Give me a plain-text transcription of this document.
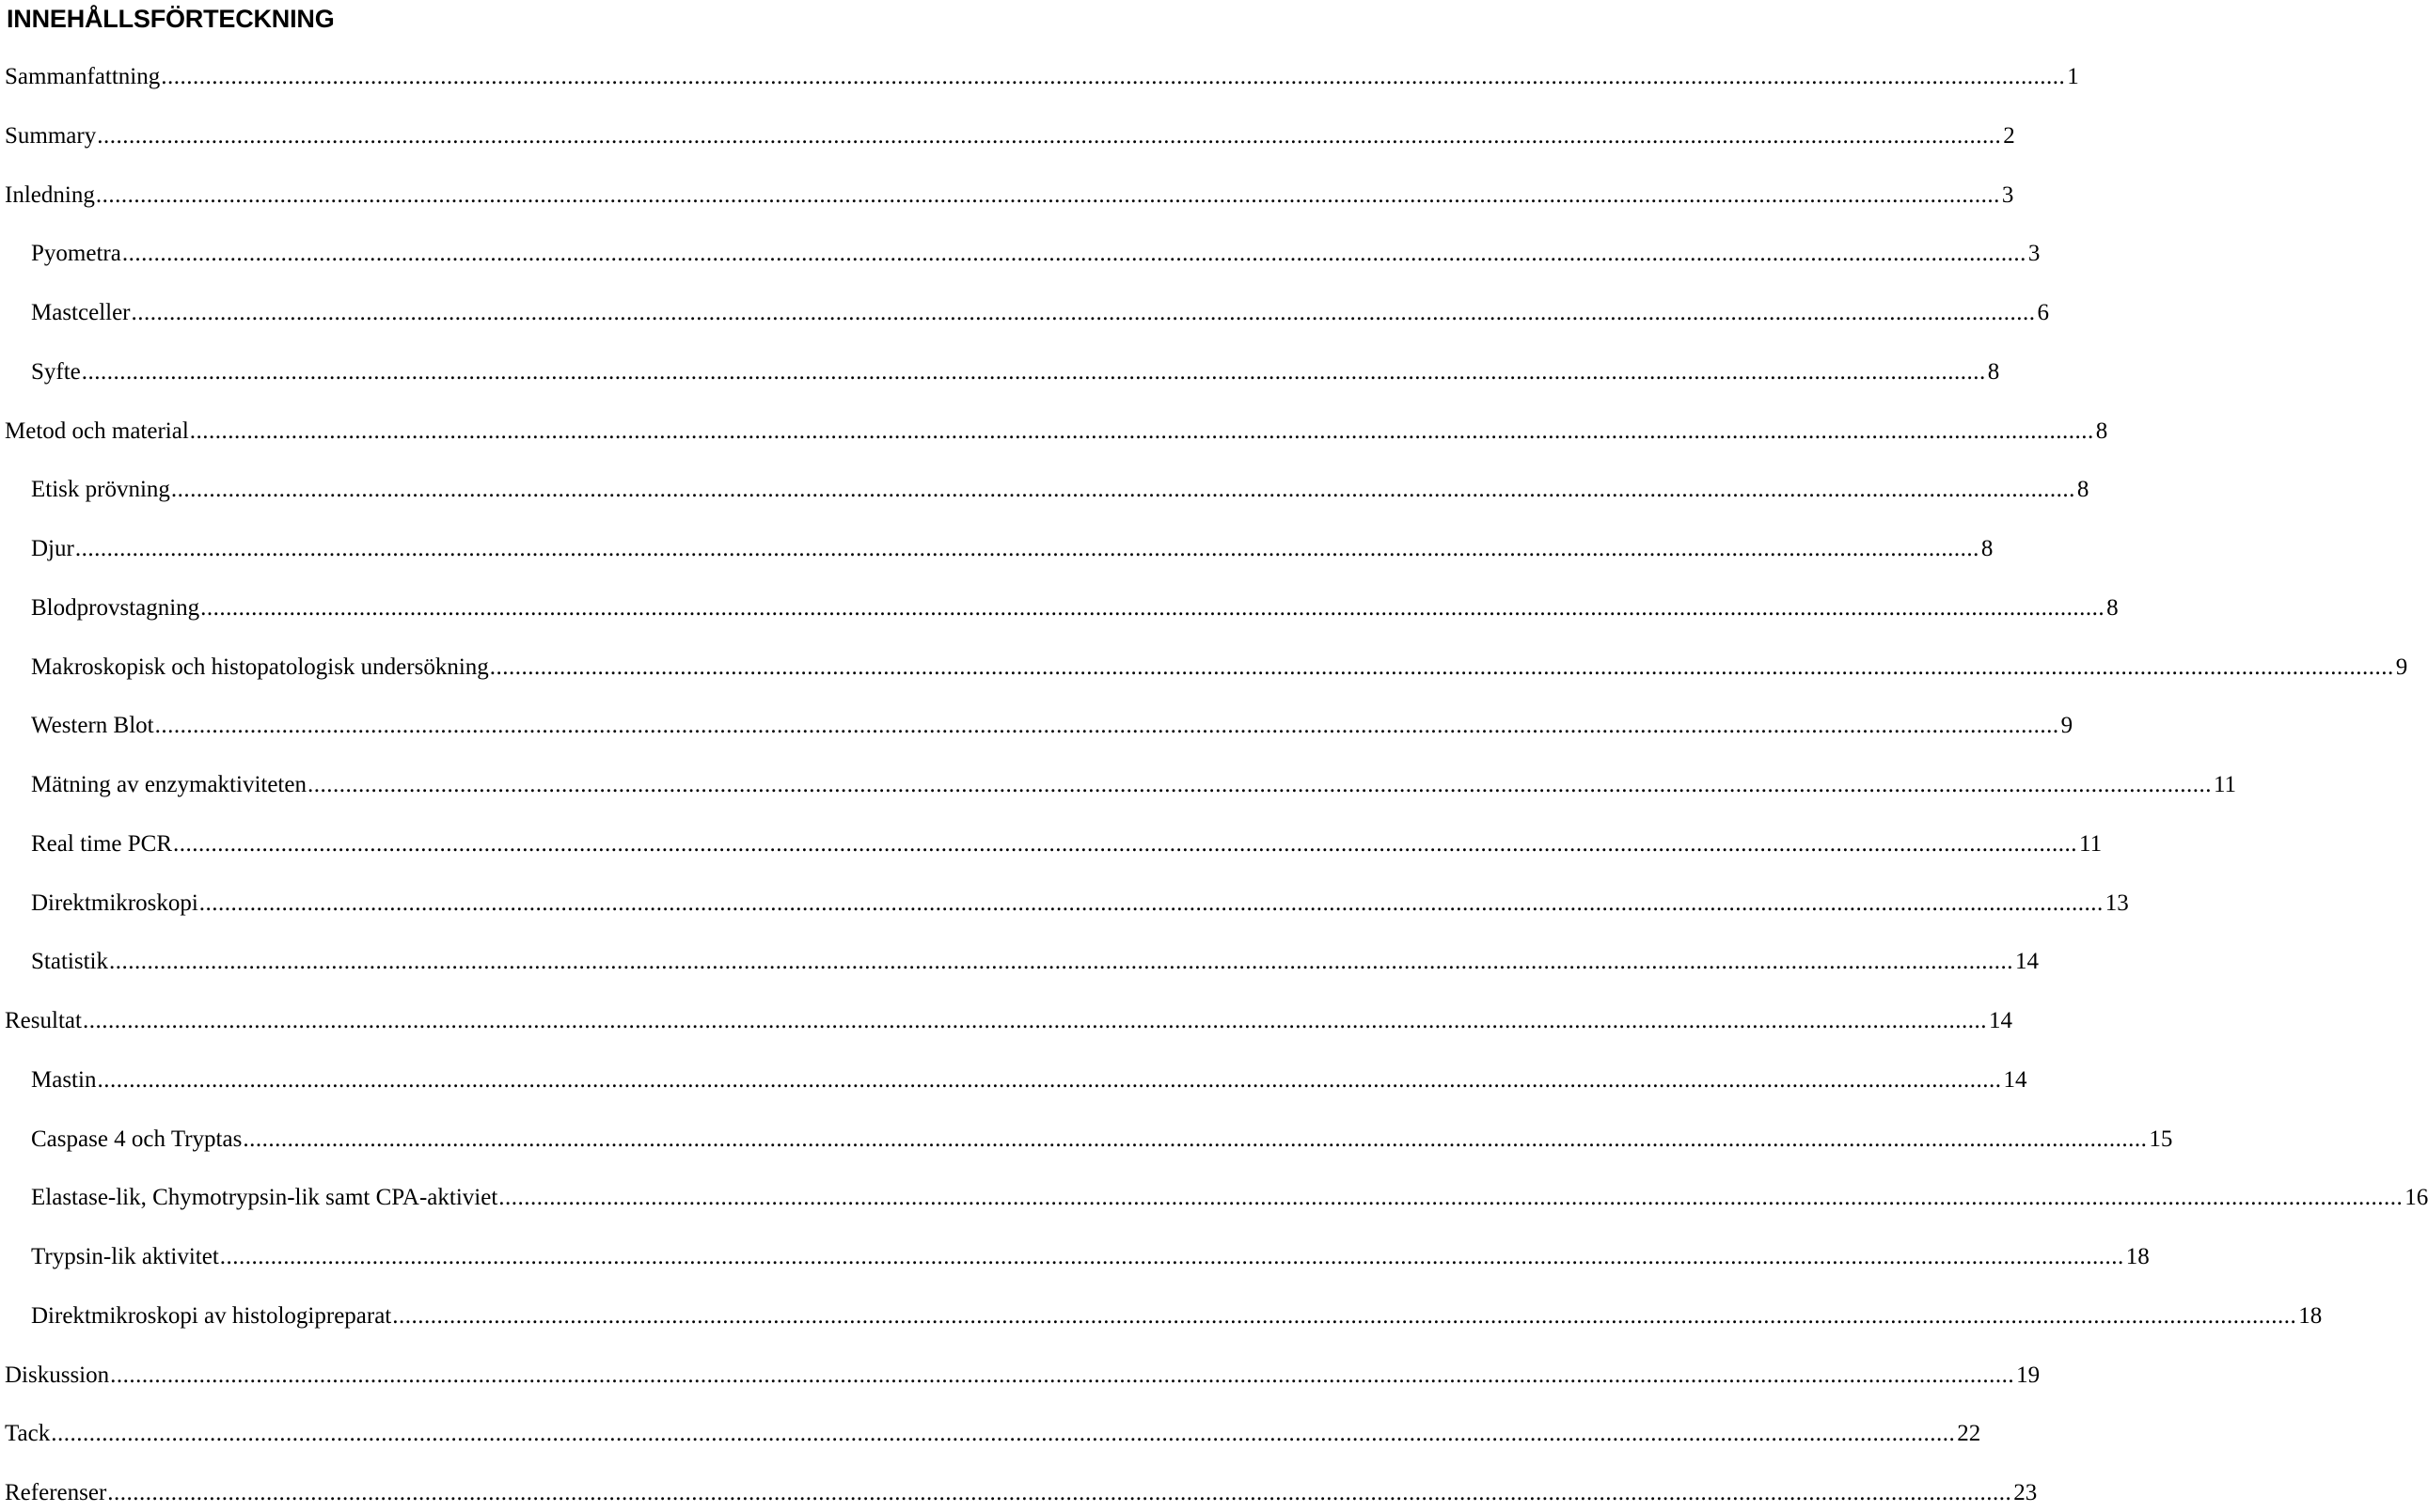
INNEHÅLLSFÖRTECKNING
Sammanfattning ............................................................................................................................................................................................................................................................................................................ 1
Summary ............................................................................................................................................................................................................................................................................................................ 2
Inledning ............................................................................................................................................................................................................................................................................................................ 3
Pyometra ............................................................................................................................................................................................................................................................................................................ 3
Mastceller ............................................................................................................................................................................................................................................................................................................ 6
Syfte ............................................................................................................................................................................................................................................................................................................ 8
Metod och material ............................................................................................................................................................................................................................................................................................................ 8
Etisk prövning ............................................................................................................................................................................................................................................................................................................ 8
Djur ............................................................................................................................................................................................................................................................................................................ 8
Blodprovstagning ............................................................................................................................................................................................................................................................................................................ 8
Makroskopisk och histopatologisk undersökning ............................................................................................................................................................................................................................................................................................................ 9
Western Blot ............................................................................................................................................................................................................................................................................................................ 9
Mätning av enzymaktiviteten ............................................................................................................................................................................................................................................................................................................ 11
Real time PCR ............................................................................................................................................................................................................................................................................................................ 11
Direktmikroskopi ............................................................................................................................................................................................................................................................................................................ 13
Statistik ............................................................................................................................................................................................................................................................................................................ 14
Resultat ............................................................................................................................................................................................................................................................................................................ 14
Mastin ............................................................................................................................................................................................................................................................................................................ 14
Caspase 4 och Tryptas ............................................................................................................................................................................................................................................................................................................ 15
Elastase-lik, Chymotrypsin-lik samt CPA-aktiviet ............................................................................................................................................................................................................................................................................................................ 16
Trypsin-lik aktivitet ............................................................................................................................................................................................................................................................................................................ 18
Direktmikroskopi av histologipreparat ............................................................................................................................................................................................................................................................................................................ 18
Diskussion ............................................................................................................................................................................................................................................................................................................ 19
Tack ............................................................................................................................................................................................................................................................................................................ 22
Referenser ............................................................................................................................................................................................................................................................................................................ 23
